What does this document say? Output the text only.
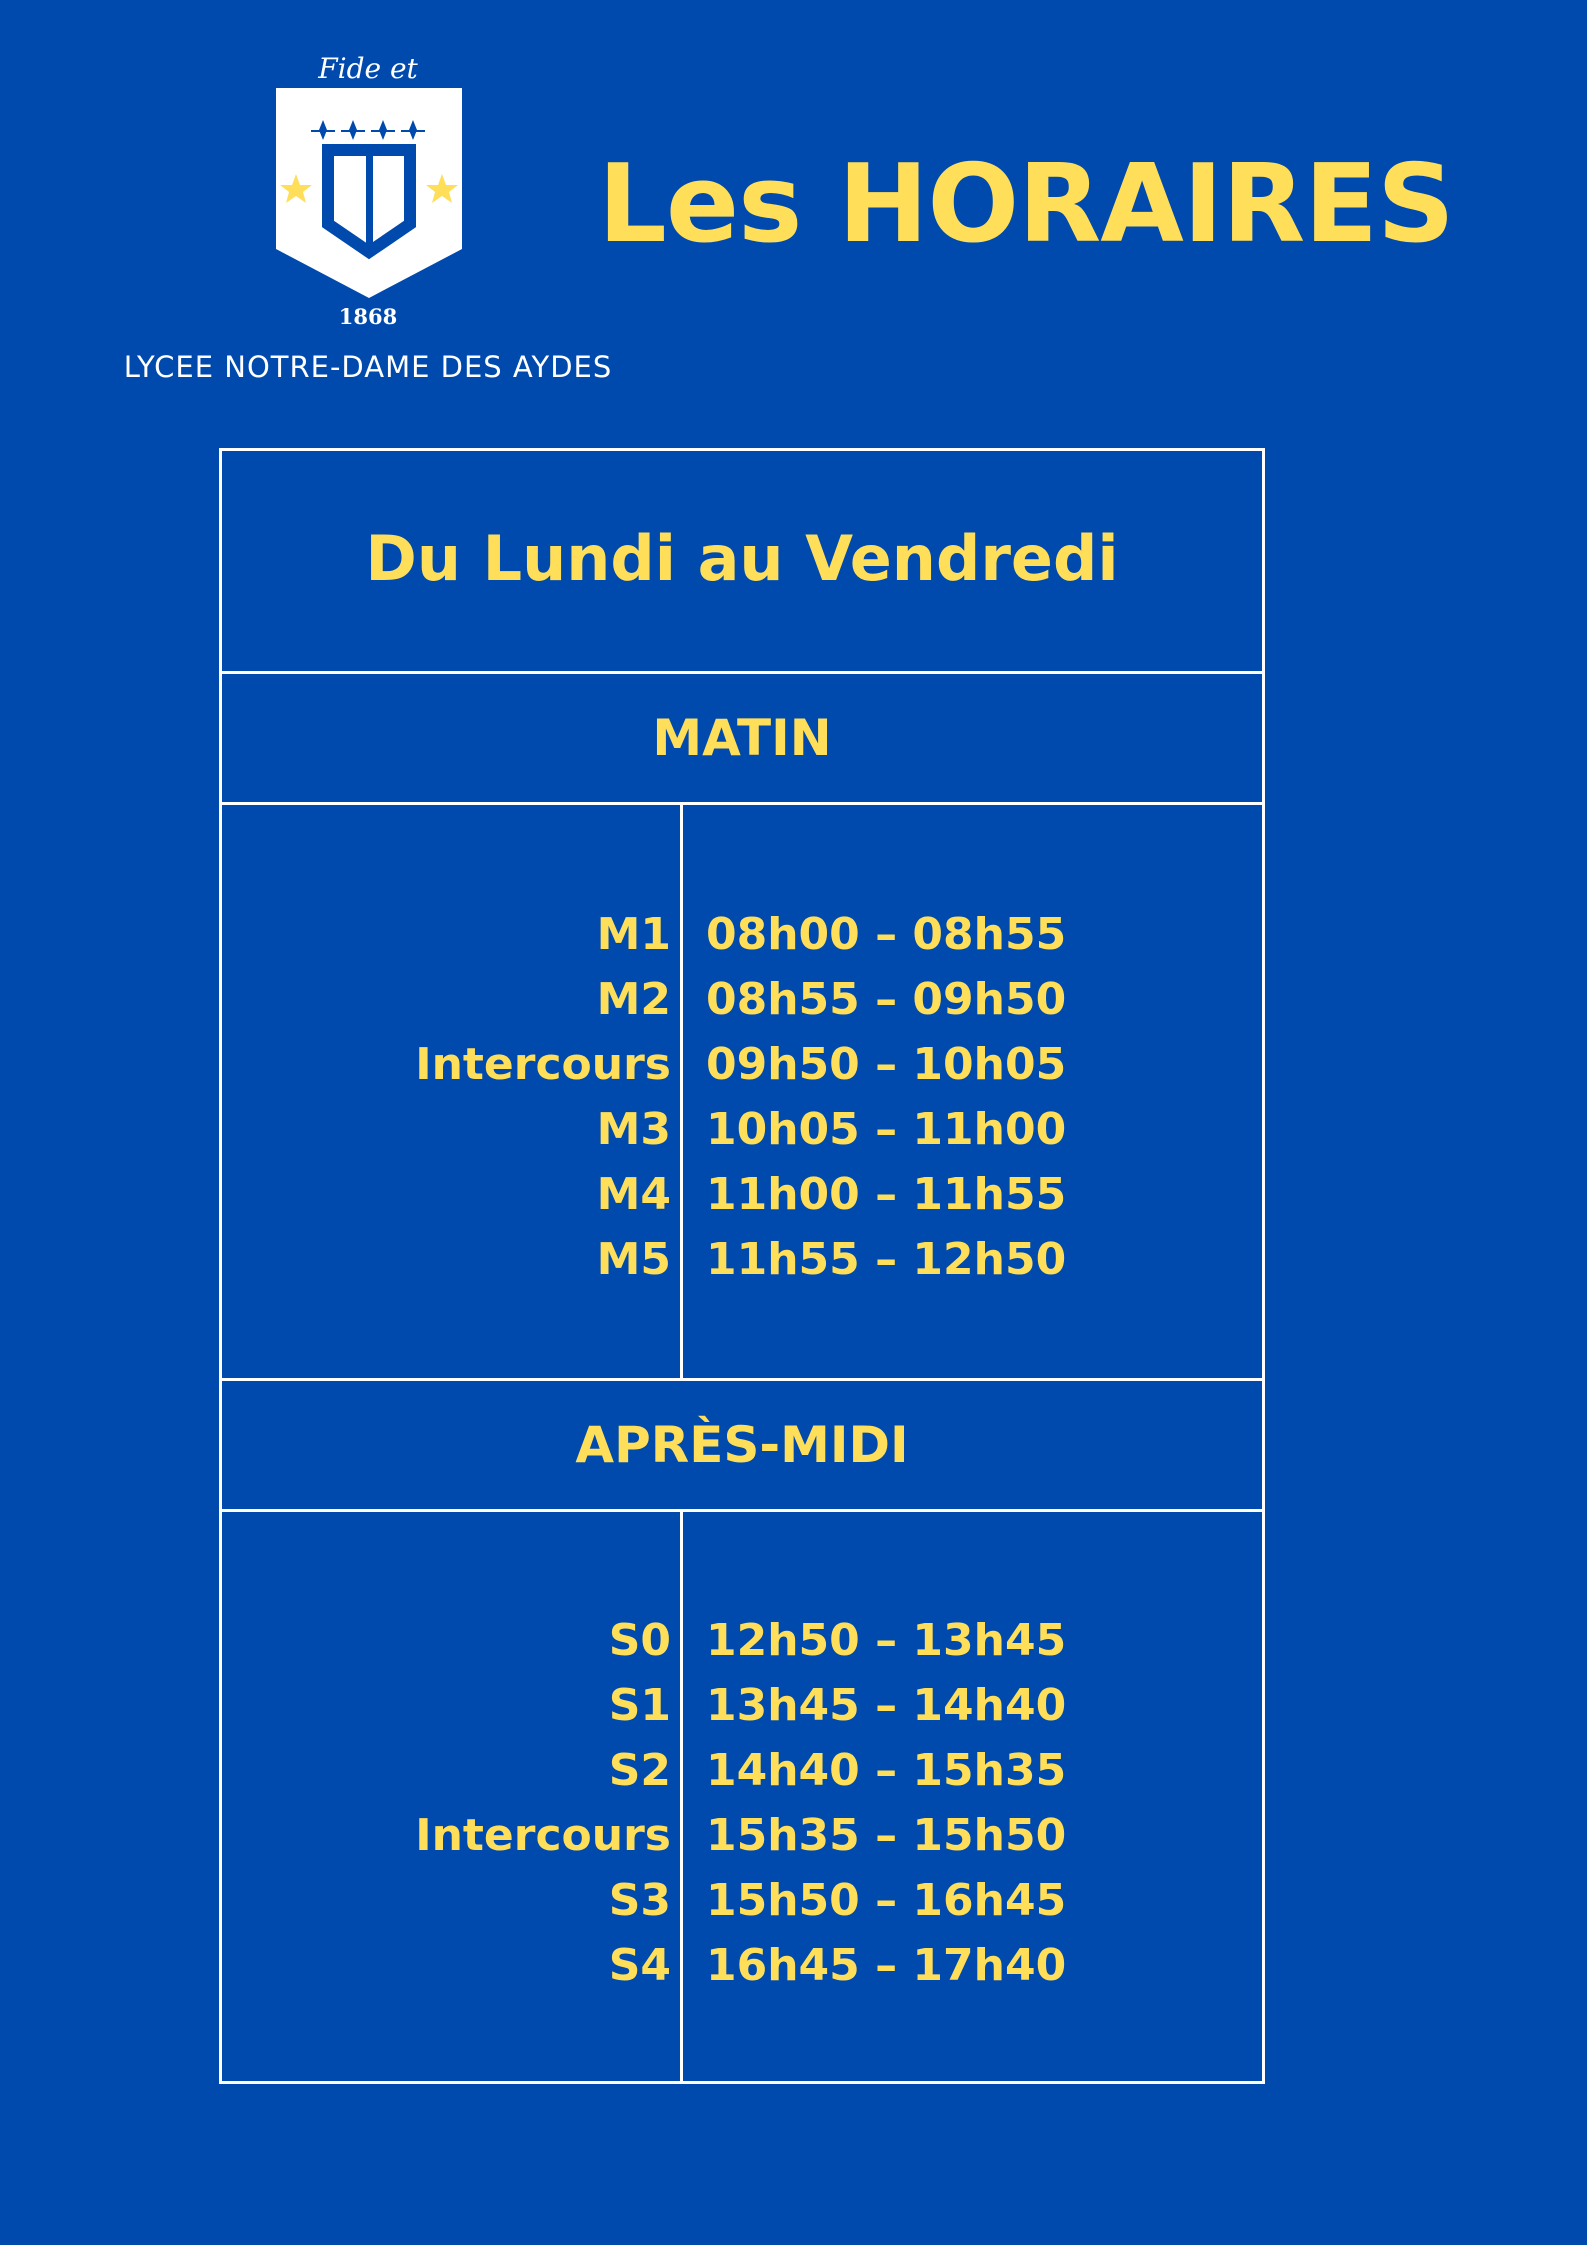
Fide et
1868
LYCEE NOTRE-DAME DES AYDES
Les HORAIRES
Du Lundi au Vendredi
MATIN
M1
M2
Intercours
M3
M4
M5
08h00 – 08h55
08h55 – 09h50
09h50 – 10h05
10h05 – 11h00
11h00 – 11h55
11h55 – 12h50
APRÈS-MIDI
S0
S1
S2
Intercours
S3
S4
12h50 – 13h45
13h45 – 14h40
14h40 – 15h35
15h35 – 15h50
15h50 – 16h45
16h45 – 17h40
